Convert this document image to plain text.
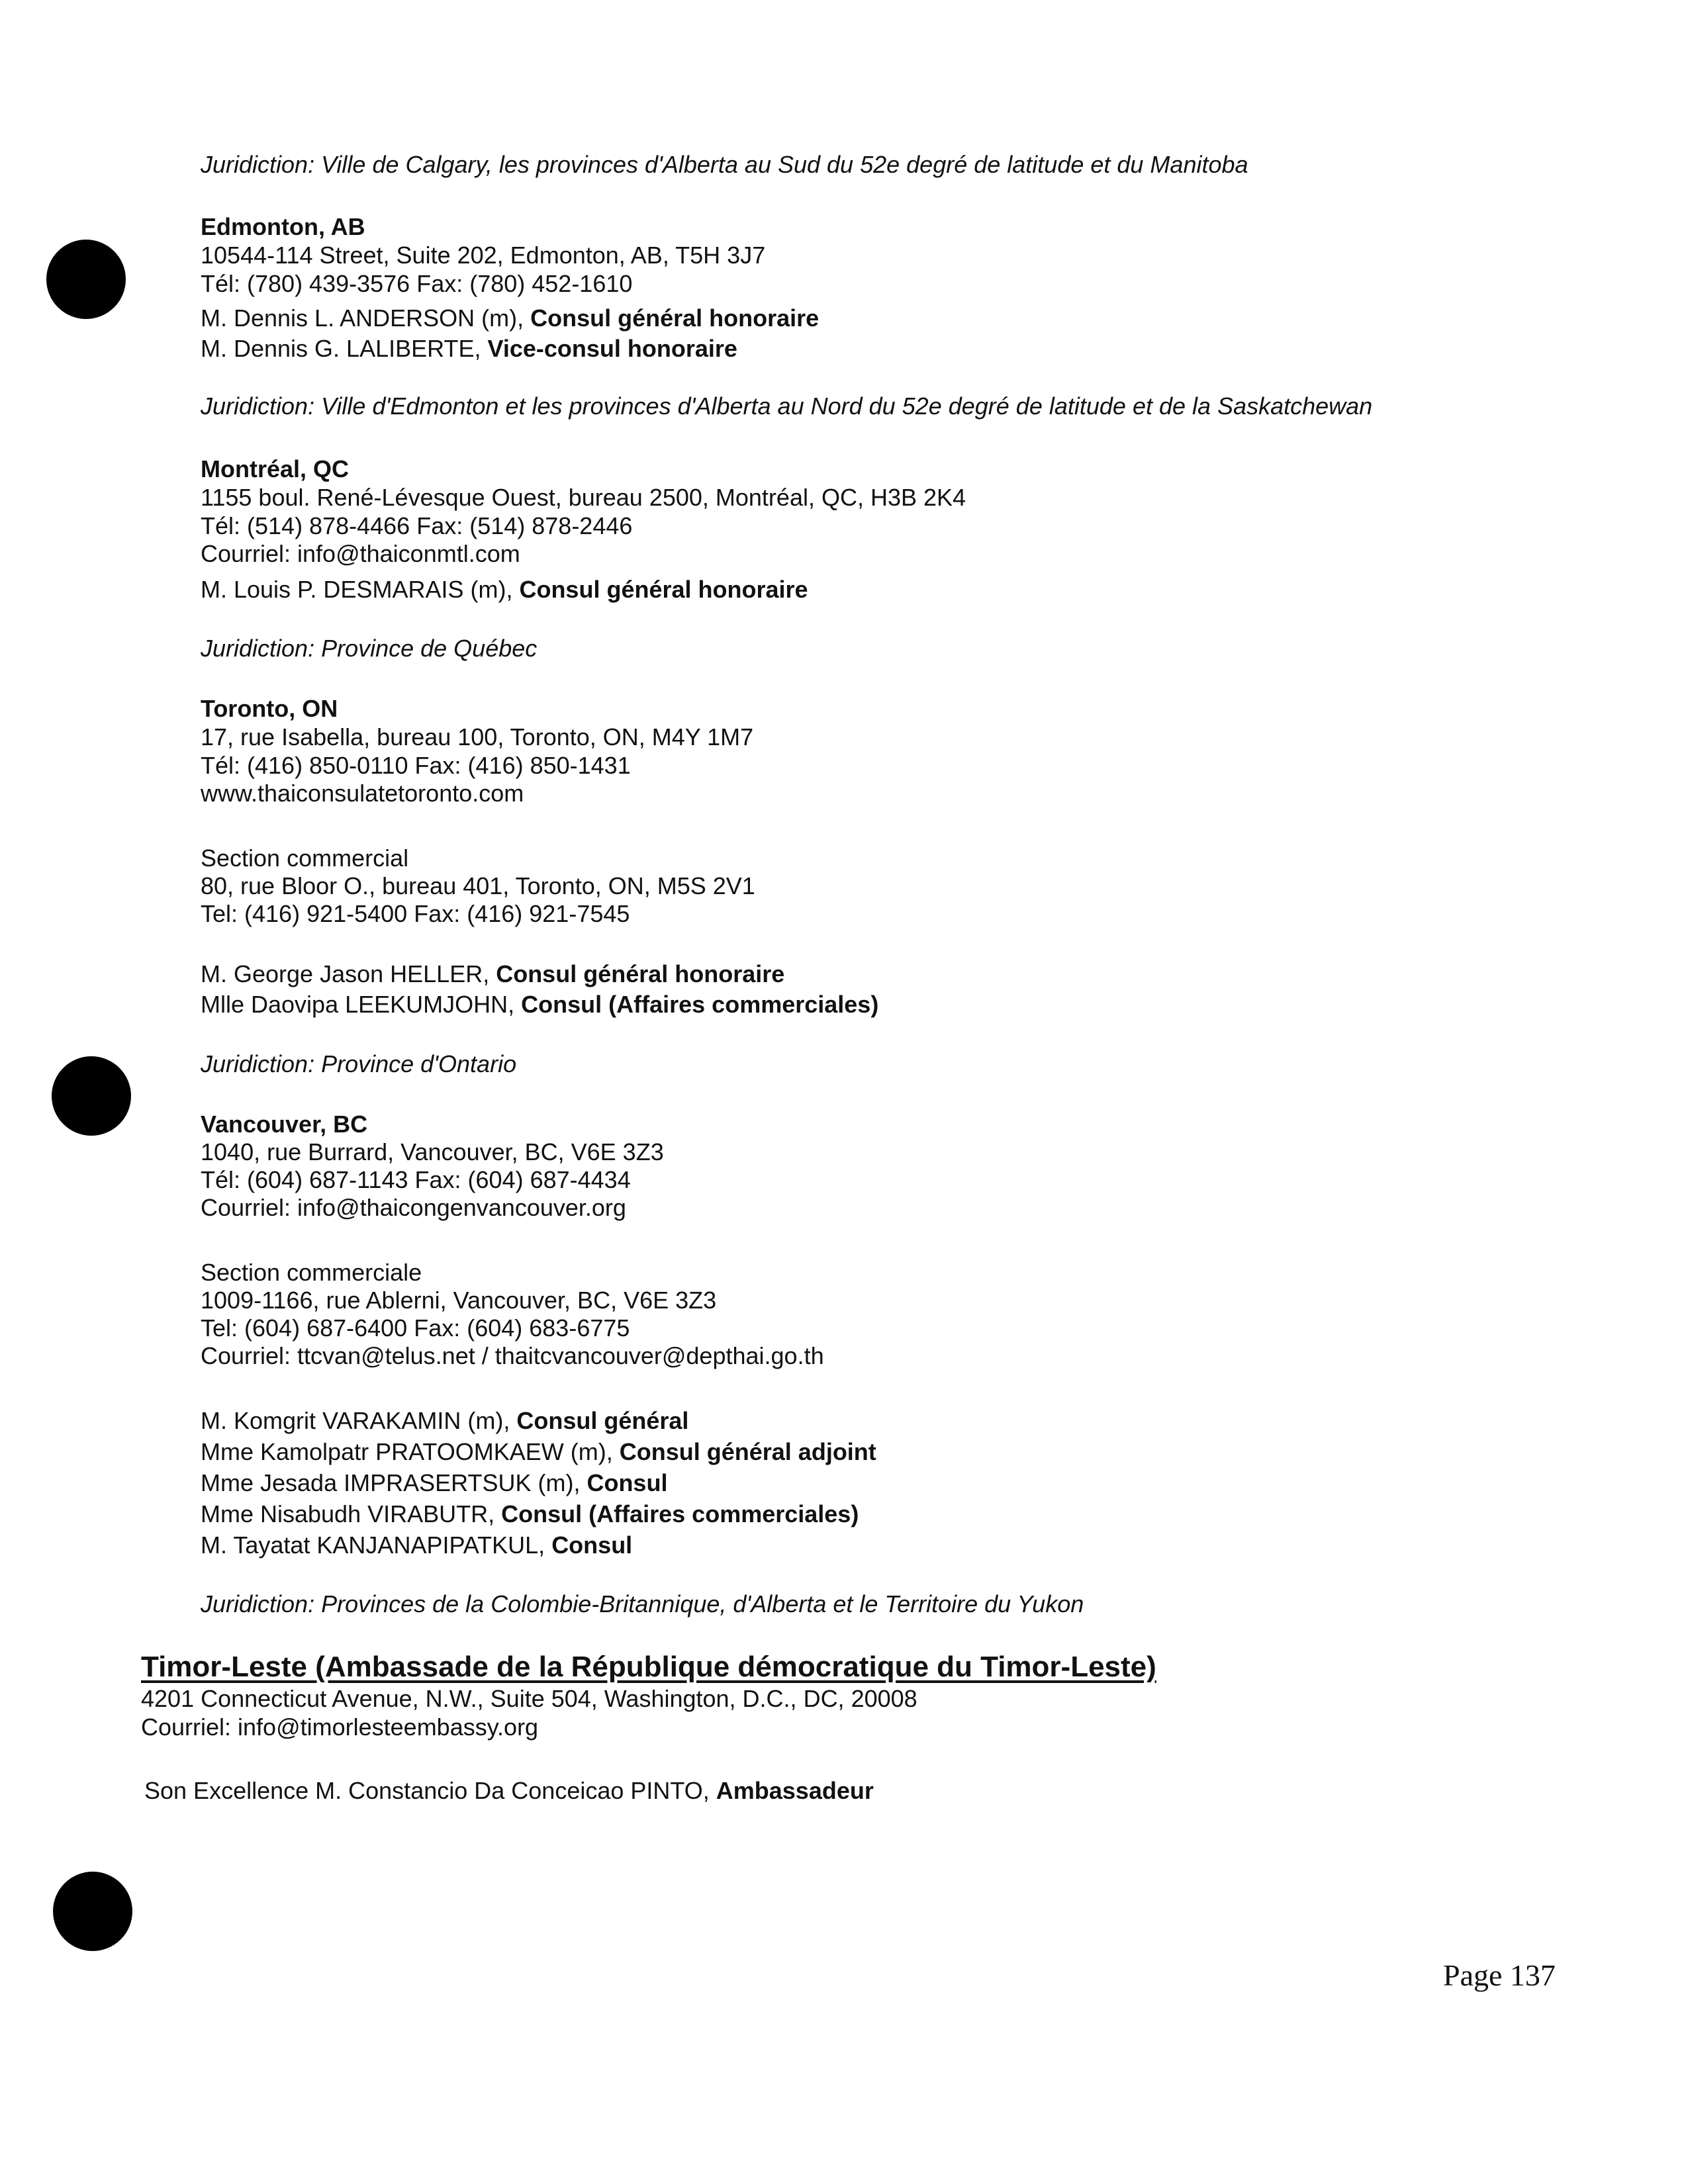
Juridiction: Ville de Calgary, les provinces d'Alberta au Sud du 52e degré de latitude et du Manitoba
Edmonton, AB
10544-114 Street, Suite 202, Edmonton, AB, T5H 3J7
Tél: (780) 439-3576 Fax: (780) 452-1610
M. Dennis L. ANDERSON (m), Consul général honoraire
M. Dennis G. LALIBERTE, Vice-consul honoraire
Juridiction: Ville d'Edmonton et les provinces d'Alberta au Nord du 52e degré de latitude et de la Saskatchewan
Montréal, QC
1155 boul. René-Lévesque Ouest, bureau 2500, Montréal, QC, H3B 2K4
Tél: (514) 878-4466 Fax: (514) 878-2446
Courriel: info@thaiconmtl.com
M. Louis P. DESMARAIS (m), Consul général honoraire
Juridiction: Province de Québec
Toronto, ON
17, rue Isabella, bureau 100, Toronto, ON, M4Y 1M7
Tél: (416) 850-0110 Fax: (416) 850-1431
www.thaiconsulatetoronto.com
Section commercial
80, rue Bloor O., bureau 401, Toronto, ON, M5S 2V1
Tel: (416) 921-5400 Fax: (416) 921-7545
M. George Jason HELLER, Consul général honoraire
Mlle Daovipa LEEKUMJOHN, Consul (Affaires commerciales)
Juridiction: Province d'Ontario
Vancouver, BC
1040, rue Burrard, Vancouver, BC, V6E 3Z3
Tél: (604) 687-1143 Fax: (604) 687-4434
Courriel: info@thaicongenvancouver.org
Section commerciale
1009-1166, rue Ablerni, Vancouver, BC, V6E 3Z3
Tel: (604) 687-6400 Fax: (604) 683-6775
Courriel: ttcvan@telus.net / thaitcvancouver@depthai.go.th
M. Komgrit VARAKAMIN (m), Consul général
Mme Kamolpatr PRATOOMKAEW (m), Consul général adjoint
Mme Jesada IMPRASERTSUK (m), Consul
Mme Nisabudh VIRABUTR, Consul (Affaires commerciales)
M. Tayatat KANJANAPIPATKUL, Consul
Juridiction: Provinces de la Colombie-Britannique, d'Alberta et le Territoire du Yukon
Timor-Leste (Ambassade de la République démocratique du Timor-Leste)
4201 Connecticut Avenue, N.W., Suite 504, Washington, D.C., DC, 20008
Courriel: info@timorlesteembassy.org
Son Excellence M. Constancio Da Conceicao PINTO, Ambassadeur
Page 137
